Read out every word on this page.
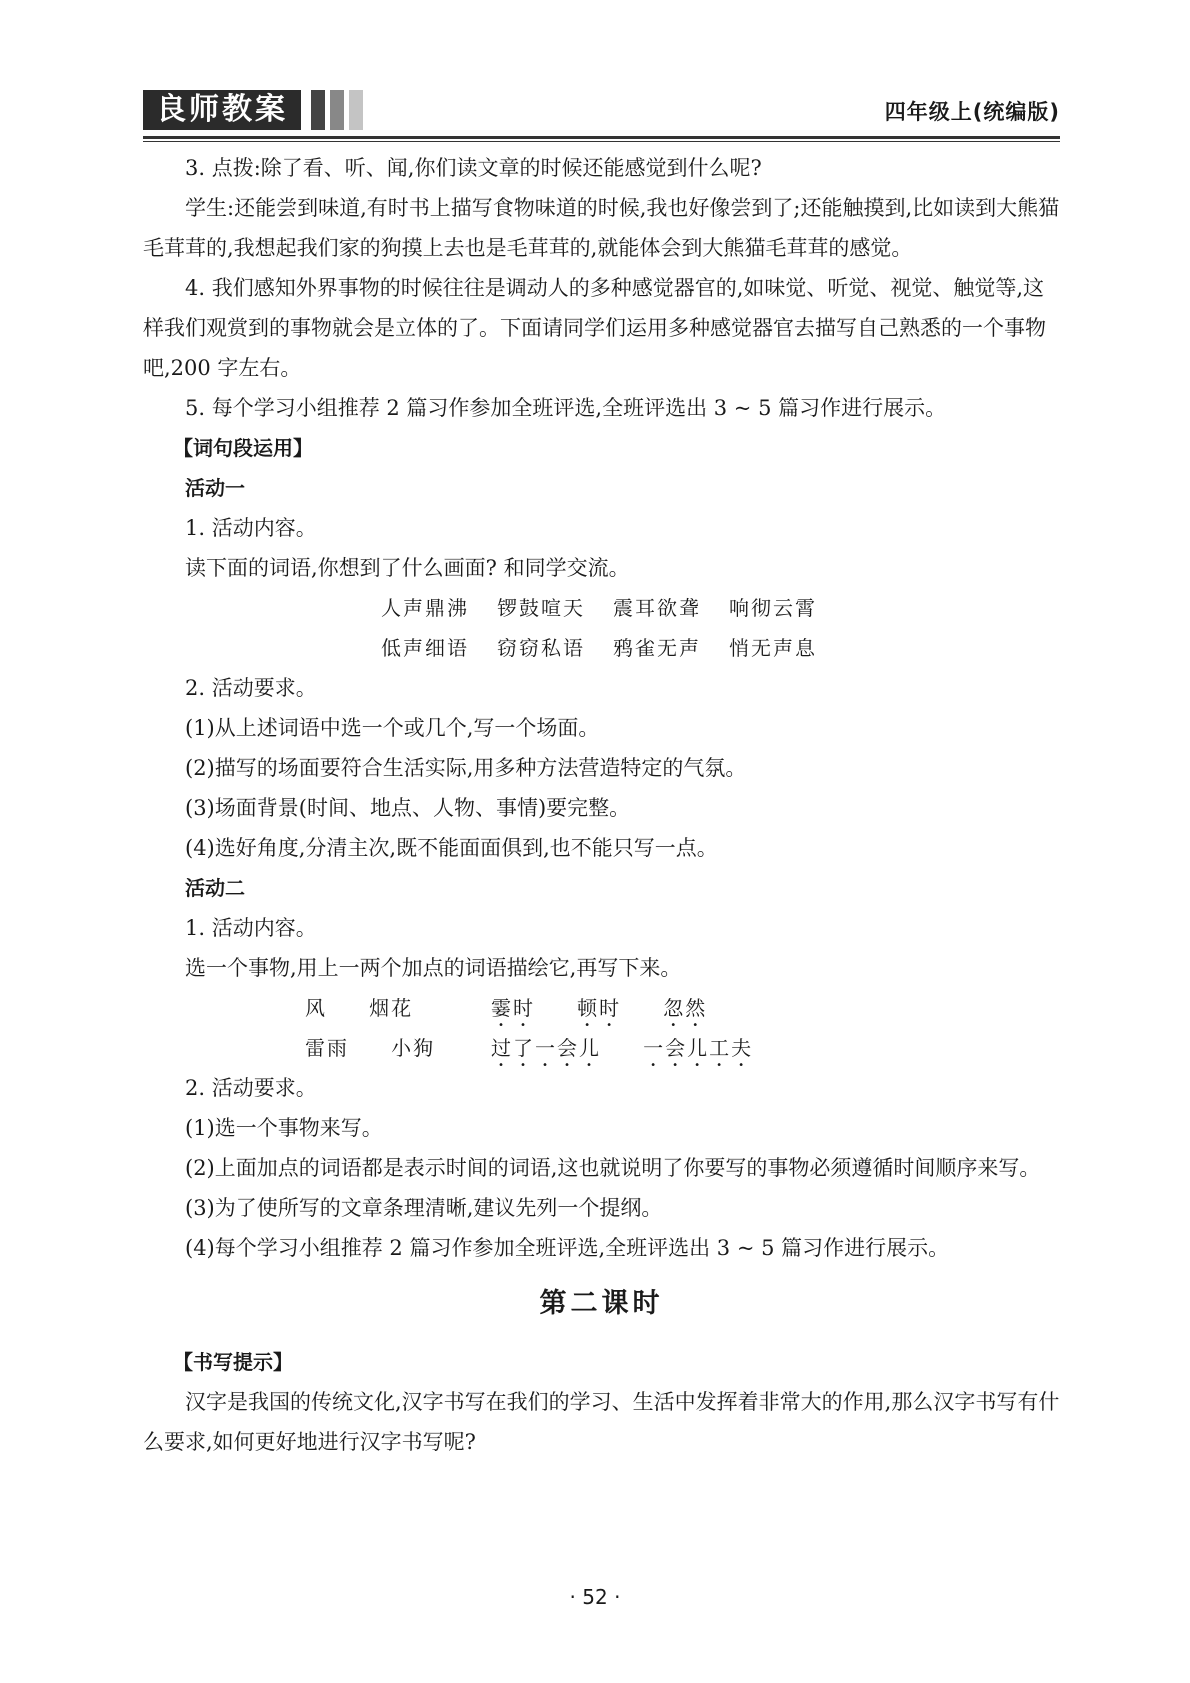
良师教案	四年级上(统编版)

3. 点拨:除了看、听、闻,你们读文章的时候还能感觉到什么呢?

学生:还能尝到味道,有时书上描写食物味道的时候,我也好像尝到了;还能触摸到,比如读到大熊猫毛茸茸的,我想起我们家的狗摸上去也是毛茸茸的,就能体会到大熊猫毛茸茸的感觉。

4. 我们感知外界事物的时候往往是调动人的多种感觉器官的,如味觉、听觉、视觉、触觉等,这样我们观赏到的事物就会是立体的了。下面请同学们运用多种感觉器官去描写自己熟悉的一个事物吧,200 字左右。

5. 每个学习小组推荐 2 篇习作参加全班评选,全班评选出 3 ~ 5 篇习作进行展示。

【词句段运用】

活动一

1. 活动内容。

读下面的词语,你想到了什么画面? 和同学交流。

人声鼎沸 锣鼓喧天 震耳欲聋 响彻云霄
低声细语 窃窃私语 鸦雀无声 悄无声息

2. 活动要求。

(1)从上述词语中选一个或几个,写一个场面。

(2)描写的场面要符合生活实际,用多种方法营造特定的气氛。

(3)场面背景(时间、地点、人物、事情)要完整。

(4)选好角度,分清主次,既不能面面俱到,也不能只写一点。

活动二

1. 活动内容。

选一个事物,用上一两个加点的词语描绘它,再写下来。

风   烟花	霎时 顿时 忽然
雷雨   小狗	过了一会儿 一会儿工夫

2. 活动要求。

(1)选一个事物来写。

(2)上面加点的词语都是表示时间的词语,这也就说明了你要写的事物必须遵循时间顺序来写。

(3)为了使所写的文章条理清晰,建议先列一个提纲。

(4)每个学习小组推荐 2 篇习作参加全班评选,全班评选出 3 ~ 5 篇习作进行展示。

第二课时

【书写提示】

汉字是我国的传统文化,汉字书写在我们的学习、生活中发挥着非常大的作用,那么汉字书写有什么要求,如何更好地进行汉字书写呢?

· 52 ·
